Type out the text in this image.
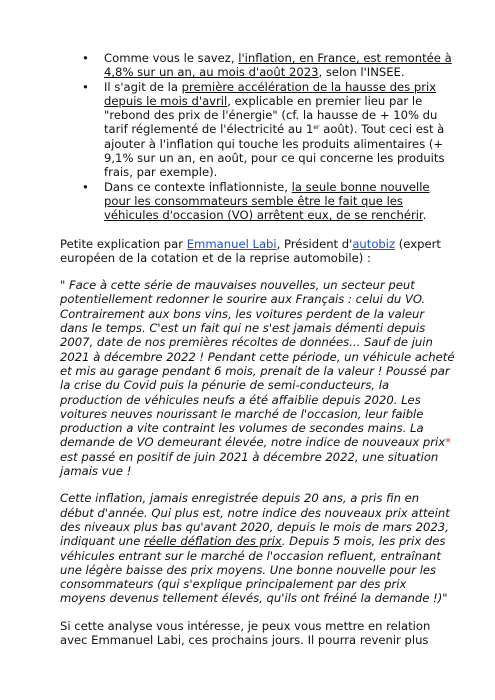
• Comme vous le savez, l'inflation, en France, est remontée à 4,8% sur un an, au mois d'août 2023, selon l'INSEE.
• Il s'agit de la première accélération de la hausse des prix depuis le mois d'avril, explicable en premier lieu par le "rebond des prix de l'énergie" (cf. la hausse de + 10% du tarif réglementé de l'électricité au 1er août). Tout ceci est à ajouter à l'inflation qui touche les produits alimentaires (+ 9,1% sur un an, en août, pour ce qui concerne les produits frais, par exemple).
• Dans ce contexte inflationniste, la seule bonne nouvelle pour les consommateurs semble être le fait que les véhicules d'occasion (VO) arrêtent eux, de se renchérir.

Petite explication par Emmanuel Labi, Président d'autobiz (expert européen de la cotation et de la reprise automobile) :

" Face à cette série de mauvaises nouvelles, un secteur peut potentiellement redonner le sourire aux Français : celui du VO. Contrairement aux bons vins, les voitures perdent de la valeur dans le temps. C'est un fait qui ne s'est jamais démenti depuis 2007, date de nos premières récoltes de données... Sauf de juin 2021 à décembre 2022 ! Pendant cette période, un véhicule acheté et mis au garage pendant 6 mois, prenait de la valeur ! Poussé par la crise du Covid puis la pénurie de semi-conducteurs, la production de véhicules neufs a été affaiblie depuis 2020. Les voitures neuves nourissant le marché de l'occasion, leur faible production a vite contraint les volumes de secondes mains. La demande de VO demeurant élevée, notre indice de nouveaux prix* est passé en positif de juin 2021 à décembre 2022, une situation jamais vue !

Cette inflation, jamais enregistrée depuis 20 ans, a pris fin en début d'année. Qui plus est, notre indice des nouveaux prix atteint des niveaux plus bas qu'avant 2020, depuis le mois de mars 2023, indiquant une réelle déflation des prix. Depuis 5 mois, les prix des véhicules entrant sur le marché de l'occasion refluent, entraînant une légère baisse des prix moyens. Une bonne nouvelle pour les consommateurs (qui s'explique principalement par des prix moyens devenus tellement élevés, qu'ils ont fréiné la demande !)"

Si cette analyse vous intéresse, je peux vous mettre en relation avec Emmanuel Labi, ces prochains jours. Il pourra revenir plus
